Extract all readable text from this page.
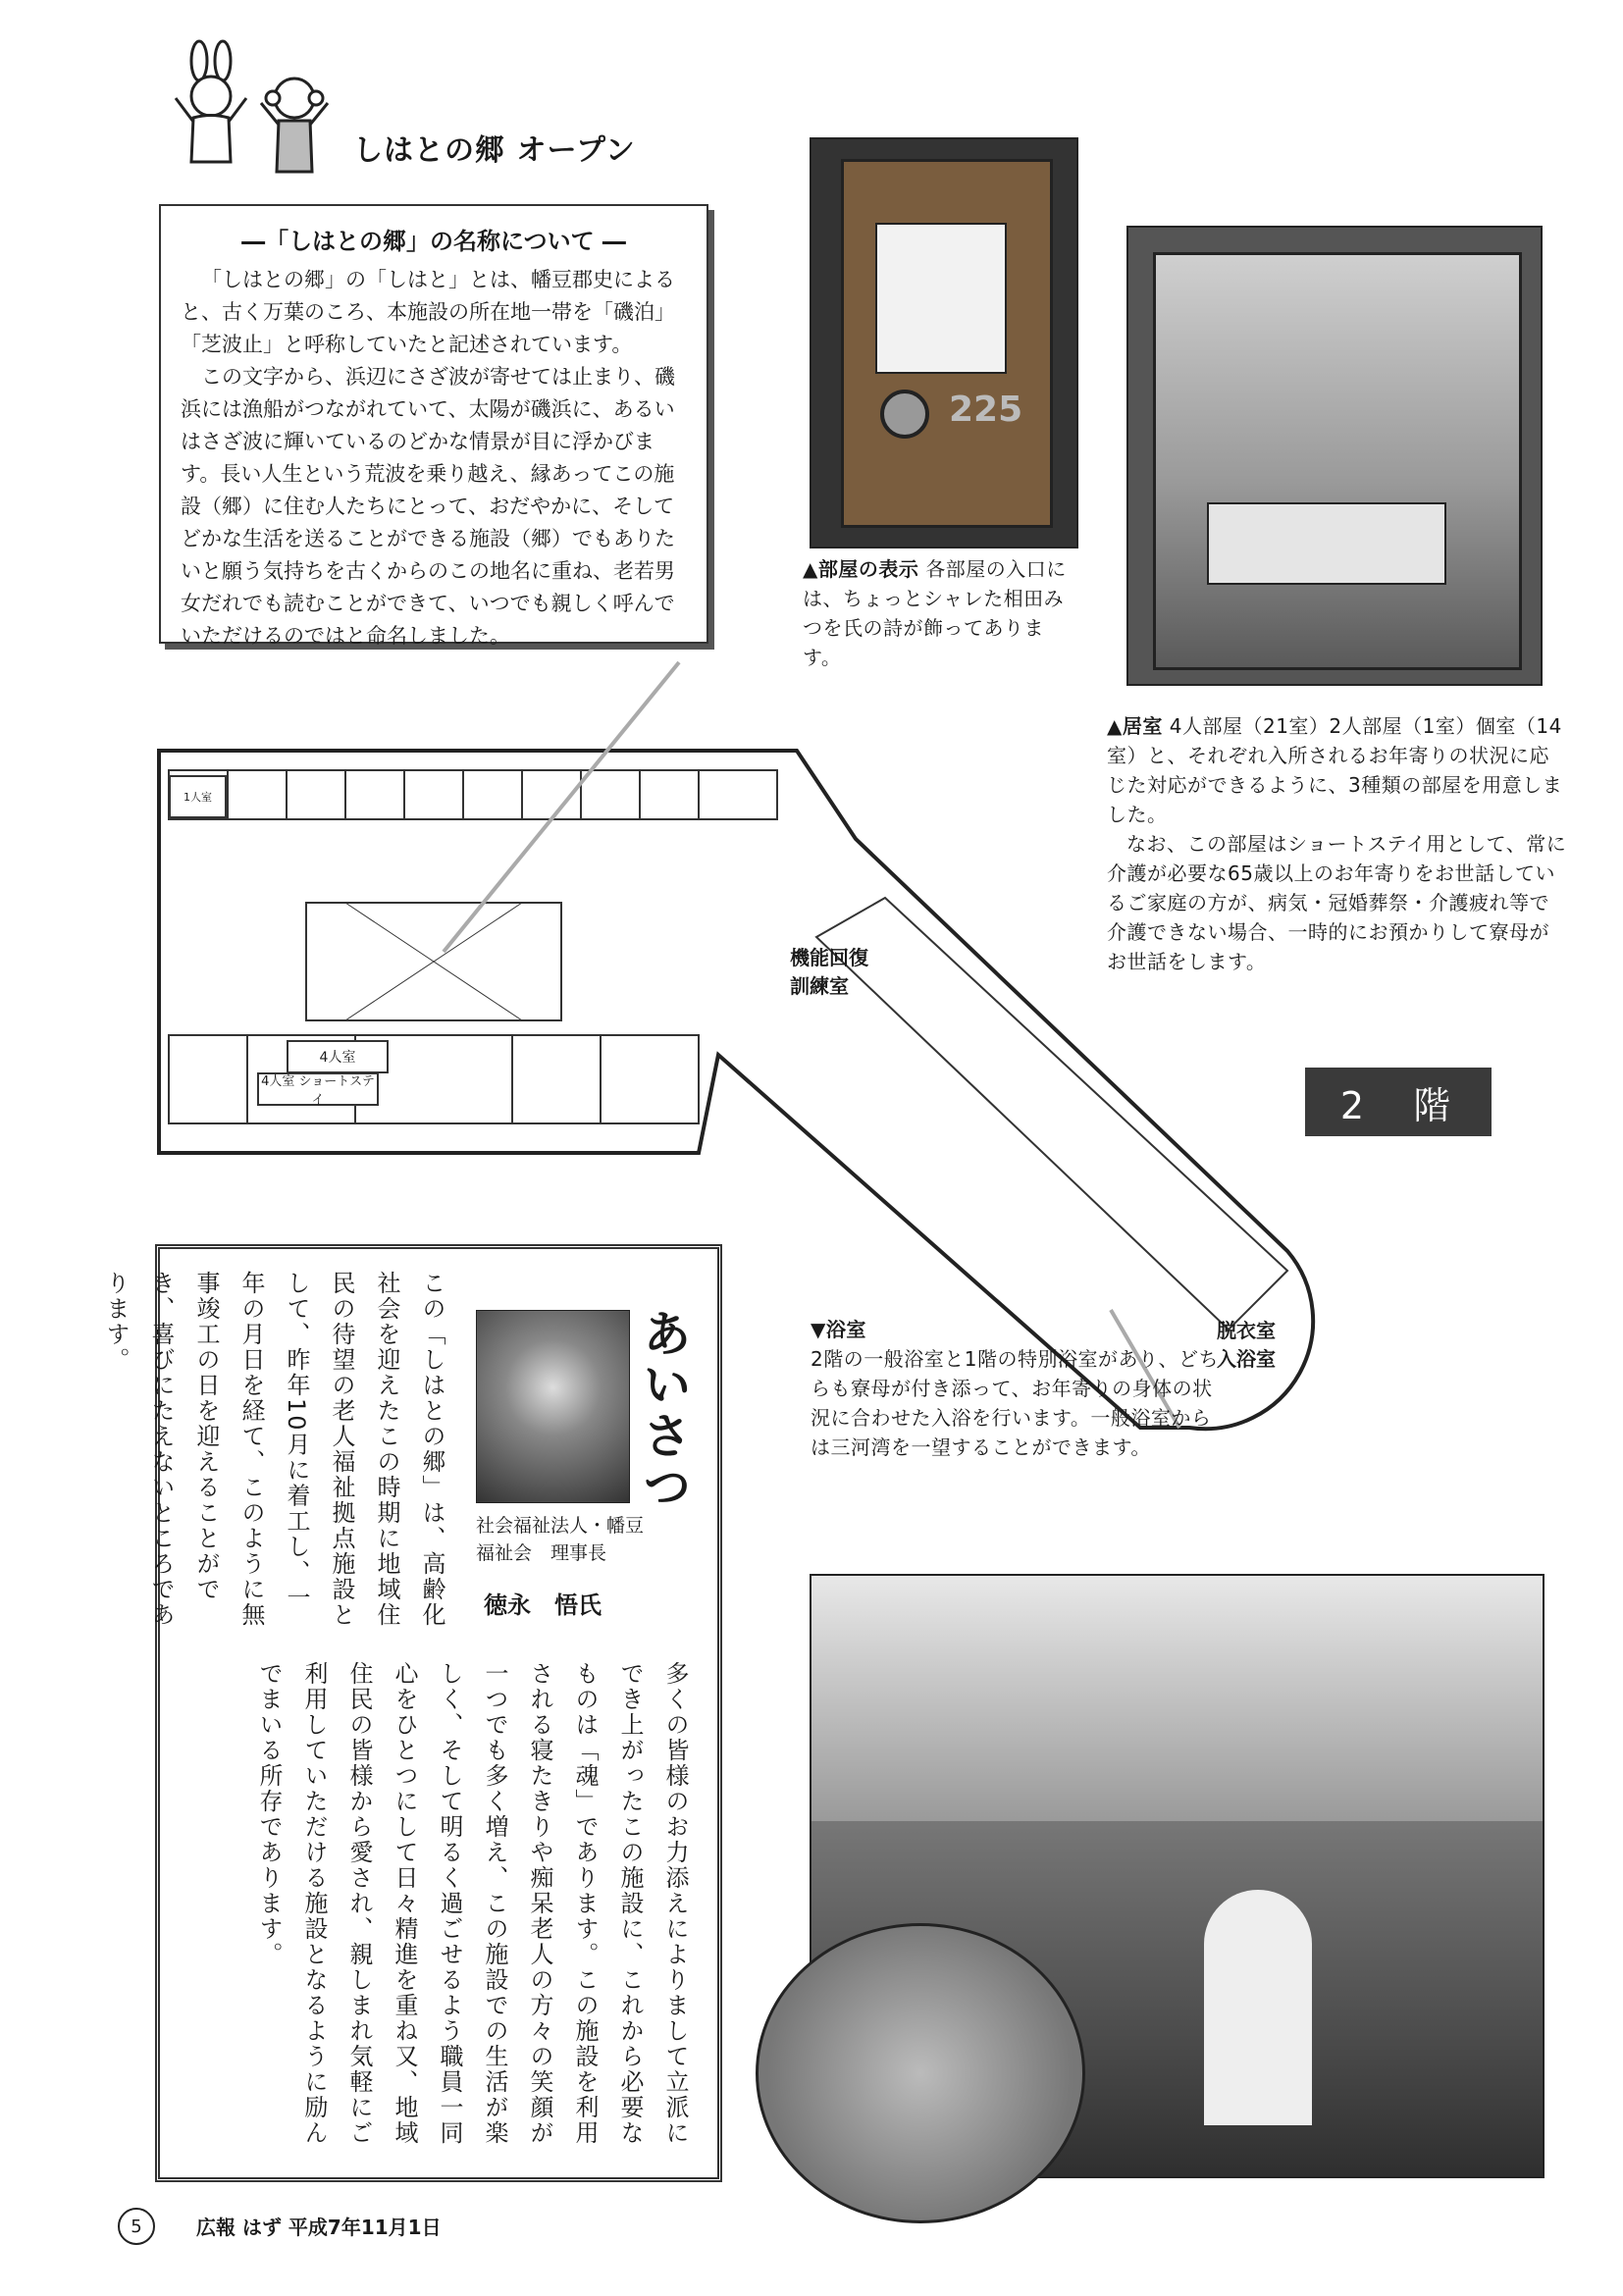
しはとの郷 オープン
―「しはとの郷」の名称について ―

「しはとの郷」の「しはと」とは、幡豆郡史によると、古く万葉のころ、本施設の所在地一帯を「磯泊」「芝波止」と呼称していたと記述されています。

この文字から、浜辺にさざ波が寄せては止まり、磯浜には漁船がつながれていて、太陽が磯浜に、あるいはさざ波に輝いているのどかな情景が目に浮かびます。長い人生という荒波を乗り越え、縁あってこの施設（郷）に住む人たちにとって、おだやかに、そしてどかな生活を送ることができる施設（郷）でもありたいと願う気持ちを古くからのこの地名に重ね、老若男女だれでも読むことができて、いつでも親しく呼んでいただけるのではと命名しました。

225
▲部屋の表示 各部屋の入口には、ちょっとシャレた相田みつを氏の詩が飾ってあります。
▲居室 4人部屋（21室）2人部屋（1室）個室（14室）と、それぞれ入所されるお年寄りの状況に応じた対応ができるように、3種類の部屋を用意しました。
なお、この部屋はショートステイ用として、常に介護が必要な65歳以上のお年寄りをお世話しているご家庭の方が、病気・冠婚葬祭・介護疲れ等で介護できない場合、一時的にお預かりして寮母がお世話をします。
1人室
4人室
4人室 ショートステイ
機能回復
訓練室
脱衣室
入浴室
2　階
あいさつ
社会福祉法人・幡豆福祉会　理事長
徳永　悟氏
この「しはとの郷」は、高齢化社会を迎えたこの時期に地域住民の待望の老人福祉拠点施設として、昨年10月に着工し、一年の月日を経て、このように無事竣工の日を迎えることができ、喜びにたえないところであります。
多くの皆様のお力添えによりまして立派にでき上がったこの施設に、これから必要なものは「魂」であります。この施設を利用される寝たきりや痴呆老人の方々の笑顔が一つでも多く増え、この施設での生活が楽しく、そして明るく過ごせるよう職員一同心をひとつにして日々精進を重ね又、地域住民の皆様から愛され、親しまれ気軽にご利用していただける施設となるように励んでまいる所存であります。
▼浴室
2階の一般浴室と1階の特別浴室があり、どちらも寮母が付き添って、お年寄りの身体の状況に合わせた入浴を行います。一般浴室からは三河湾を一望することができます。
5	広報 はず 平成7年11月1日
